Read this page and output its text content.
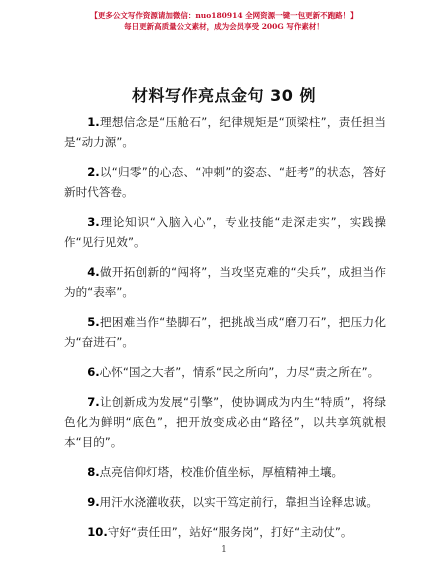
【更多公文写作资源请加微信：nuo180914 全网资源一键一包更新不跑路！】
每日更新高质量公文素材，成为会员享受 200G 写作素材！
材料写作亮点金句 30 例

1.理想信念是“压舱石”，纪律规矩是“顶梁柱”，责任担当是“动力源”。

2.以“归零”的心态、“冲刺”的姿态、“赶考”的状态，答好新时代答卷。

3.理论知识“入脑入心”，专业技能“走深走实”，实践操作“见行见效”。

4.做开拓创新的“闯将”，当攻坚克难的“尖兵”，成担当作为的“表率”。

5.把困难当作“垫脚石”，把挑战当成“磨刀石”，把压力化为“奋进石”。

6.心怀“国之大者”，情系“民之所向”，力尽“责之所在”。

7.让创新成为发展“引擎”，使协调成为内生“特质”，将绿色化为鲜明“底色”，把开放变成必由“路径”，以共享筑就根本“目的”。

8.点亮信仰灯塔，校准价值坐标，厚植精神土壤。

9.用汗水浇灌收获，以实干笃定前行，靠担当诠释忠诚。

10.守好“责任田”，站好“服务岗”，打好“主动仗”。

1
